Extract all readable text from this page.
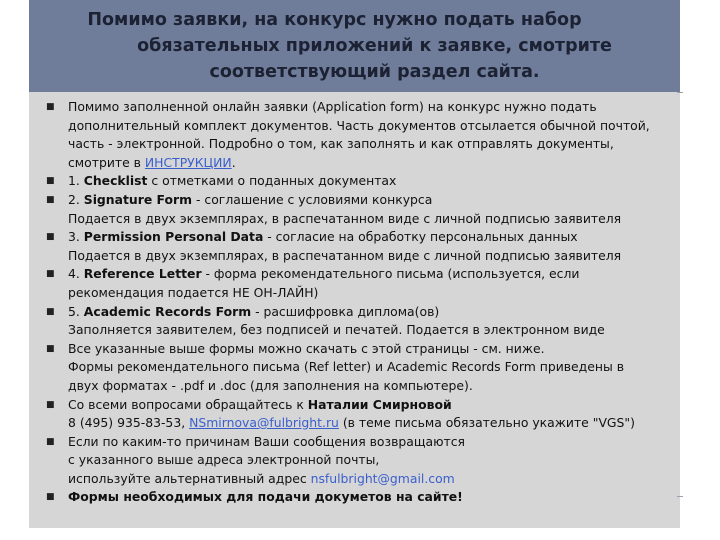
Помимо заявки, на конкурс нужно подать набор
обязательных приложений к заявке, смотрите
соответствующий раздел сайта.
■ Помимо заполненной онлайн заявки (Application form) на конкурс нужно подать
дополнительный комплект документов. Часть документов отсылается обычной почтой,
часть - электронной. Подробно о том, как заполнять и как отправлять документы,
смотрите в ИНСТРУКЦИИ.
■ 1. Checklist с отметками о поданных документах
■ 2. Signature Form - соглашение с условиями конкурса
Подается в двух экземплярах, в распечатанном виде с личной подписью заявителя
■ 3. Permission Personal Data - согласие на обработку персональных данных
Подается в двух экземплярах, в распечатанном виде с личной подписью заявителя
■ 4. Reference Letter - форма рекомендательного письма (используется, если
рекомендация подается НЕ ОН-ЛАЙН)
■ 5. Academic Records Form - расшифровка диплома(ов)
Заполняется заявителем, без подписей и печатей. Подается в электронном виде
■ Все указанные выше формы можно скачать с этой страницы - см. ниже.
Формы рекомендательного письма (Ref letter) и Academic Records Form приведены в
двух форматах - .pdf и .doc (для заполнения на компьютере).
■ Со всеми вопросами обращайтесь к Наталии Смирновой
8 (495) 935-83-53, NSmirnova@fulbright.ru (в теме письма обязательно укажите "VGS")
■ Если по каким-то причинам Ваши сообщения возвращаются
с указанного выше адреса электронной почты,
используйте альтернативный адрес nsfulbright@gmail.com
■ Формы необходимых для подачи докуметов на сайте!
